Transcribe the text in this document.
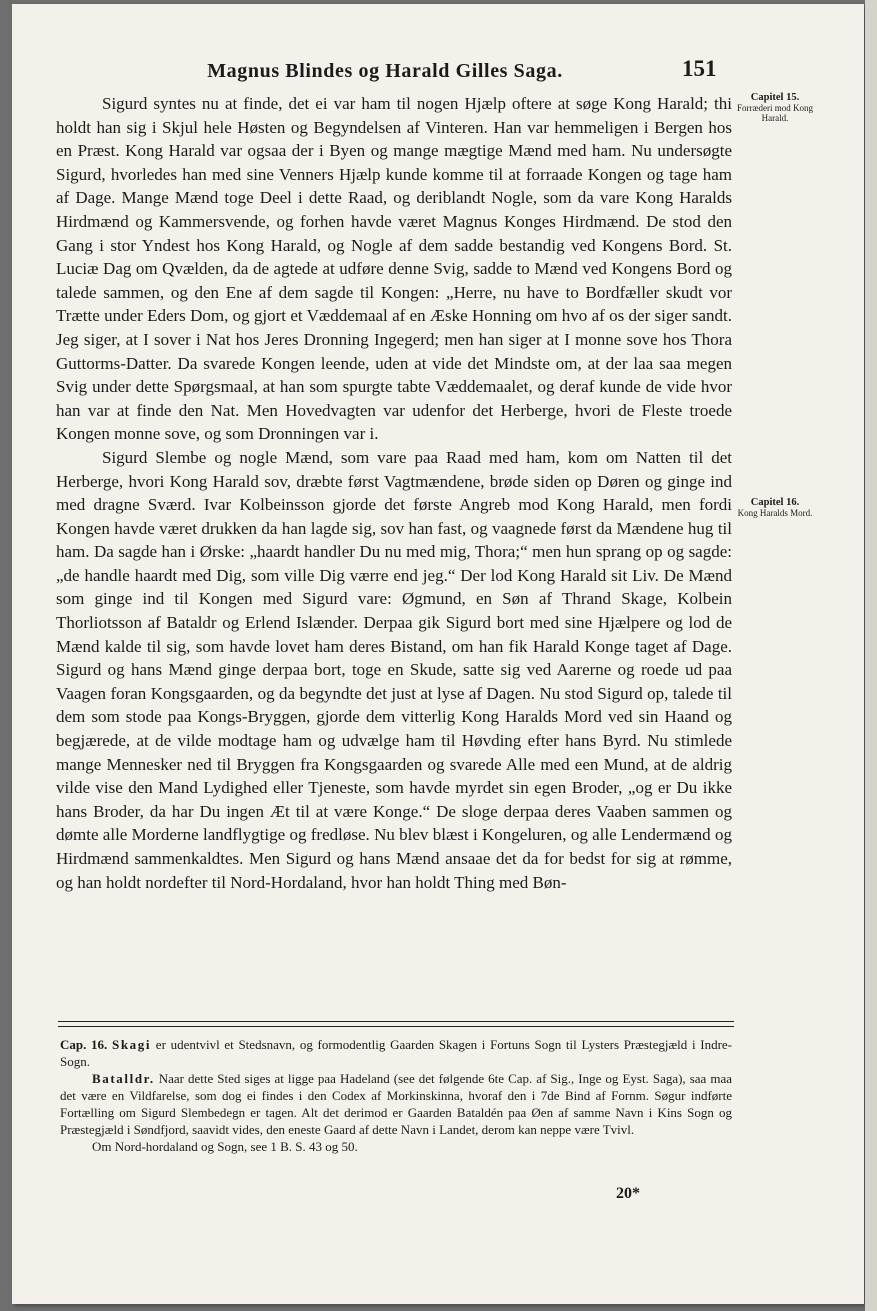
Magnus Blindes og Harald Gilles Saga.	151
Capitel 15.
Forræderi mod Kong Harald.
Capitel 16.
Kong Haralds Mord.

Sigurd syntes nu at finde, det ei var ham til nogen Hjælp oftere at søge Kong Harald; thi holdt han sig i Skjul hele Høsten og Begyndelsen af Vinteren. Han var hemmeligen i Bergen hos en Præst. Kong Harald var ogsaa der i Byen og mange mægtige Mænd med ham. Nu undersøgte Sigurd, hvorledes han med sine Venners Hjælp kunde komme til at forraade Kongen og tage ham af Dage. Mange Mænd toge Deel i dette Raad, og deriblandt Nogle, som da vare Kong Haralds Hirdmænd og Kammersvende, og forhen havde været Magnus Konges Hirdmænd. De stod den Gang i stor Yndest hos Kong Harald, og Nogle af dem sadde bestandig ved Kongens Bord. St. Luciæ Dag om Qvælden, da de agtede at udføre denne Svig, sadde to Mænd ved Kongens Bord og talede sammen, og den Ene af dem sagde til Kongen: „Herre, nu have to Bordfæller skudt vor Trætte under Eders Dom, og gjort et Væddemaal af en Æske Honning om hvo af os der siger sandt. Jeg siger, at I sover i Nat hos Jeres Dronning Ingegerd; men han siger at I monne sove hos Thora Guttorms-Datter. Da svarede Kongen leende, uden at vide det Mindste om, at der laa saa megen Svig under dette Spørgsmaal, at han som spurgte tabte Væddemaalet, og deraf kunde de vide hvor han var at finde den Nat. Men Hovedvagten var udenfor det Herberge, hvori de Fleste troede Kongen monne sove, og som Dronningen var i.

Sigurd Slembe og nogle Mænd, som vare paa Raad med ham, kom om Natten til det Herberge, hvori Kong Harald sov, dræbte først Vagtmændene, brøde siden op Døren og ginge ind med dragne Sværd. Ivar Kolbeinsson gjorde det første Angreb mod Kong Harald, men fordi Kongen havde været drukken da han lagde sig, sov han fast, og vaagnede først da Mændene hug til ham. Da sagde han i Ørske: „haardt handler Du nu med mig, Thora;“ men hun sprang op og sagde: „de handle haardt med Dig, som ville Dig værre end jeg.“ Der lod Kong Harald sit Liv. De Mænd som ginge ind til Kongen med Sigurd vare: Øgmund, en Søn af Thrand Skage, Kolbein Thorliotsson af Bataldr og Erlend Islænder. Derpaa gik Sigurd bort med sine Hjælpere og lod de Mænd kalde til sig, som havde lovet ham deres Bistand, om han fik Harald Konge taget af Dage. Sigurd og hans Mænd ginge derpaa bort, toge en Skude, satte sig ved Aarerne og roede ud paa Vaagen foran Kongsgaarden, og da begyndte det just at lyse af Dagen. Nu stod Sigurd op, talede til dem som stode paa Kongs-Bryggen, gjorde dem vitterlig Kong Haralds Mord ved sin Haand og begjærede, at de vilde modtage ham og udvælge ham til Høvding efter hans Byrd. Nu stimlede mange Mennesker ned til Bryggen fra Kongsgaarden og svarede Alle med een Mund, at de aldrig vilde vise den Mand Lydighed eller Tjeneste, som havde myrdet sin egen Broder, „og er Du ikke hans Broder, da har Du ingen Æt til at være Konge.“ De sloge derpaa deres Vaaben sammen og dømte alle Morderne landflygtige og fredløse. Nu blev blæst i Kongeluren, og alle Lendermænd og Hirdmænd sammenkaldtes. Men Sigurd og hans Mænd ansaae det da for bedst for sig at rømme, og han holdt nordefter til Nord-Hordaland, hvor han holdt Thing med Bøn-

Cap. 16. Skagi er udentvivl et Stedsnavn, og formodentlig Gaarden Skagen i Fortuns Sogn til Lysters Præstegjæld i Indre-Sogn.

Batalldr. Naar dette Sted siges at ligge paa Hadeland (see det følgende 6te Cap. af Sig., Inge og Eyst. Saga), saa maa det være en Vildfarelse, som dog ei findes i den Codex af Morkinskinna, hvoraf den i 7de Bind af Fornm. Søgur indførte Fortælling om Sigurd Slembedegn er tagen. Alt det derimod er Gaarden Bataldén paa Øen af samme Navn i Kins Sogn og Præstegjæld i Søndfjord, saavidt vides, den eneste Gaard af dette Navn i Landet, derom kan neppe være Tvivl.

Om Nord-hordaland og Sogn, see 1 B. S. 43 og 50.

20*
